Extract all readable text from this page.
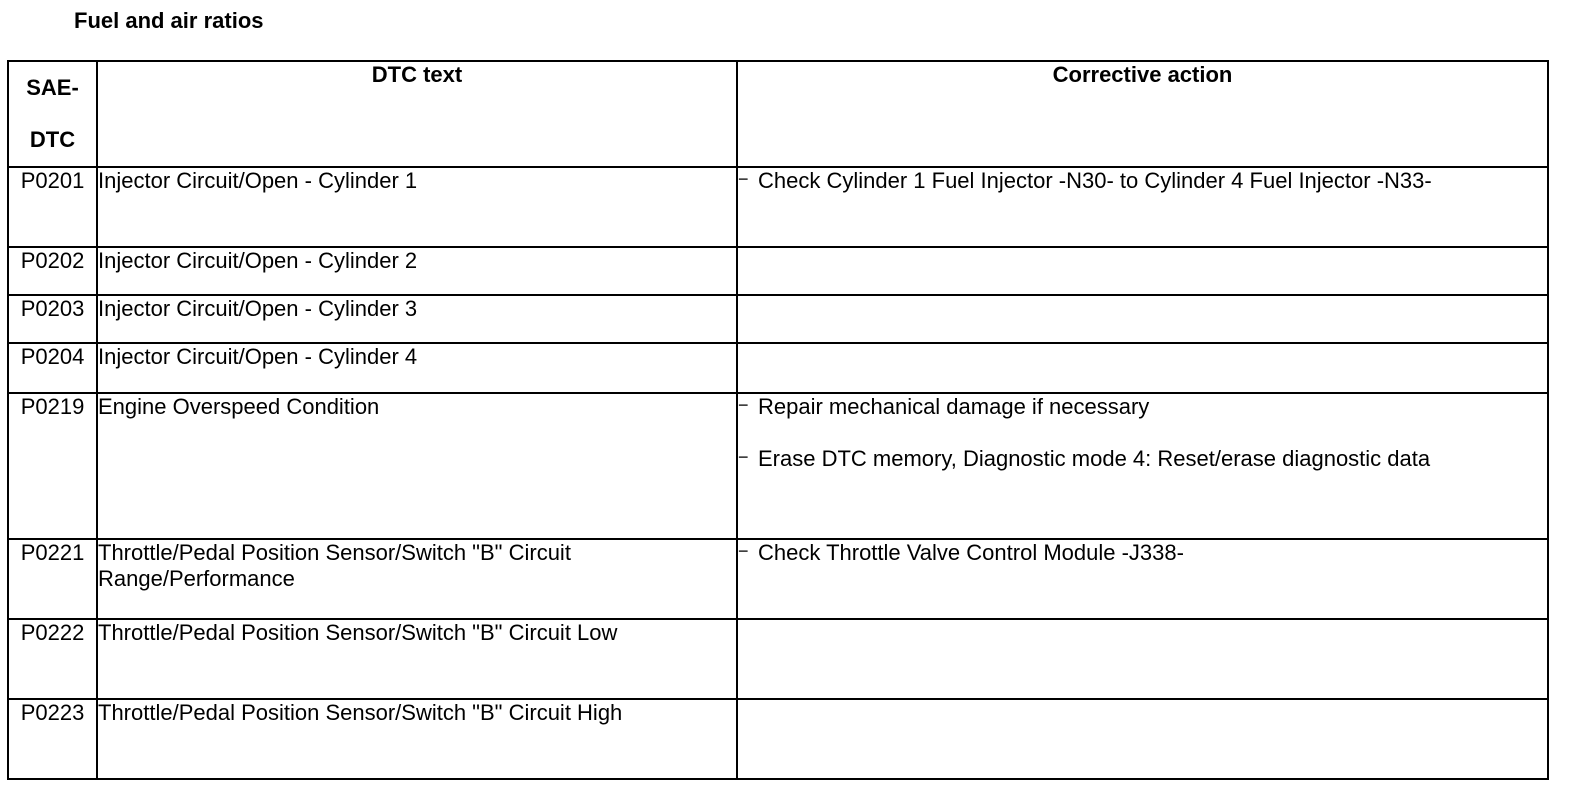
Fuel and air ratios
SAE-
DTC	DTC text	Corrective action
P0201	Injector Circuit/Open - Cylinder 1	− Check Cylinder 1 Fuel Injector -N30- to Cylinder 4 Fuel Injector -N33-

P0202	Injector Circuit/Open - Cylinder 2	
P0203	Injector Circuit/Open - Cylinder 3	
P0204	Injector Circuit/Open - Cylinder 4	
P0219	Engine Overspeed Condition	− Repair mechanical damage if necessary
− Erase DTC memory, Diagnostic mode 4: Reset/erase diagnostic data

P0221	Throttle/Pedal Position Sensor/Switch "B" Circuit Range/Performance	− Check Throttle Valve Control Module -J338-

P0222	Throttle/Pedal Position Sensor/Switch "B" Circuit Low	
P0223	Throttle/Pedal Position Sensor/Switch "B" Circuit High	
